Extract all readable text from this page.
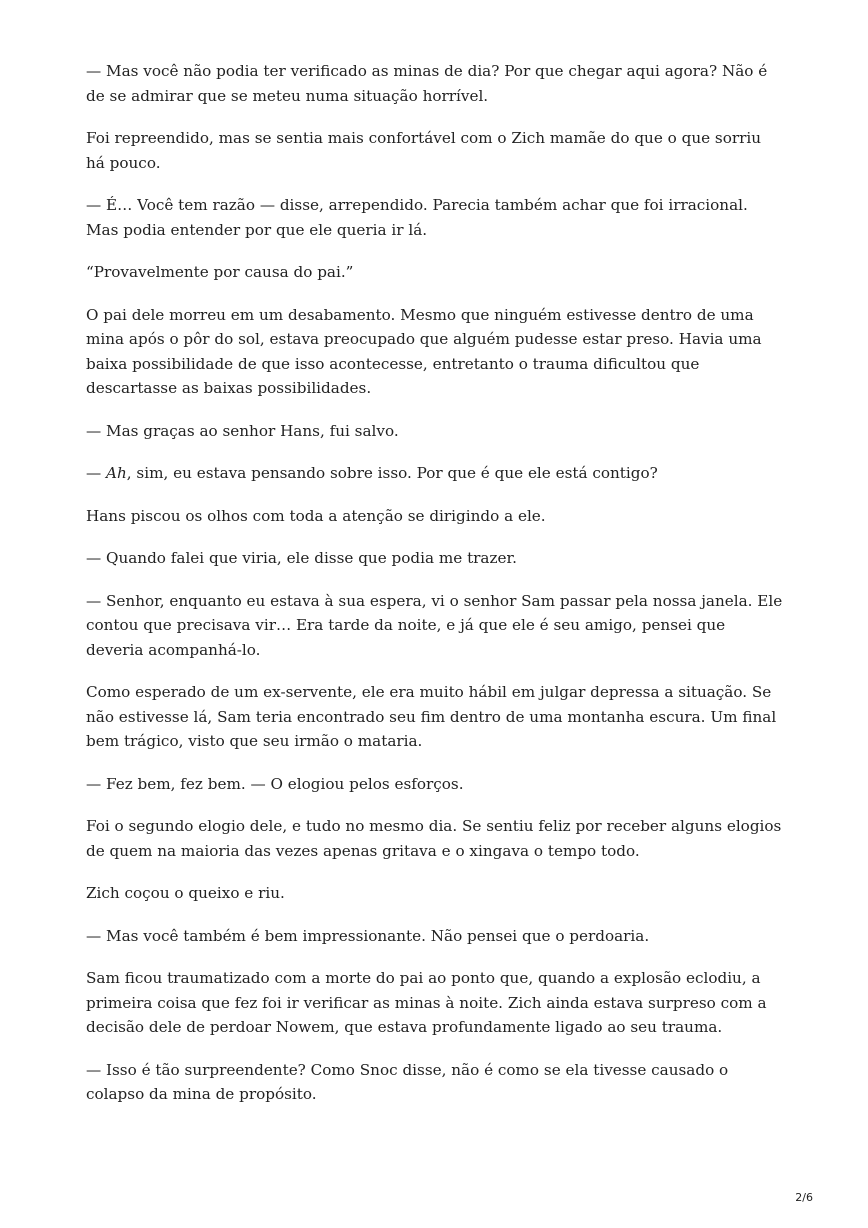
— Mas você não podia ter verificado as minas de dia? Por que chegar aqui agora? Não é de se admirar que se meteu numa situação horrível.

Foi repreendido, mas se sentia mais confortável com o Zich mamãe do que o que sorriu há pouco.

— É… Você tem razão — disse, arrependido. Parecia também achar que foi irracional. Mas podia entender por que ele queria ir lá.

“Provavelmente por causa do pai.”

O pai dele morreu em um desabamento. Mesmo que ninguém estivesse dentro de uma mina após o pôr do sol, estava preocupado que alguém pudesse estar preso. Havia uma baixa possibilidade de que isso acontecesse, entretanto o trauma dificultou que descartasse as baixas possibilidades.

— Mas graças ao senhor Hans, fui salvo.

— Ah, sim, eu estava pensando sobre isso. Por que é que ele está contigo?

Hans piscou os olhos com toda a atenção se dirigindo a ele.

— Quando falei que viria, ele disse que podia me trazer.

— Senhor, enquanto eu estava à sua espera, vi o senhor Sam passar pela nossa janela. Ele contou que precisava vir… Era tarde da noite, e já que ele é seu amigo, pensei que deveria acompanhá-lo.

Como esperado de um ex-servente, ele era muito hábil em julgar depressa a situação. Se não estivesse lá, Sam teria encontrado seu fim dentro de uma montanha escura. Um final bem trágico, visto que seu irmão o mataria.

— Fez bem, fez bem. — O elogiou pelos esforços.

Foi o segundo elogio dele, e tudo no mesmo dia. Se sentiu feliz por receber alguns elogios de quem na maioria das vezes apenas gritava e o xingava o tempo todo.

Zich coçou o queixo e riu.

— Mas você também é bem impressionante. Não pensei que o perdoaria.

Sam ficou traumatizado com a morte do pai ao ponto que, quando a explosão eclodiu, a primeira coisa que fez foi ir verificar as minas à noite. Zich ainda estava surpreso com a decisão dele de perdoar Nowem, que estava profundamente ligado ao seu trauma.

— Isso é tão surpreendente? Como Snoc disse, não é como se ela tivesse causado o colapso da mina de propósito.

2/6
